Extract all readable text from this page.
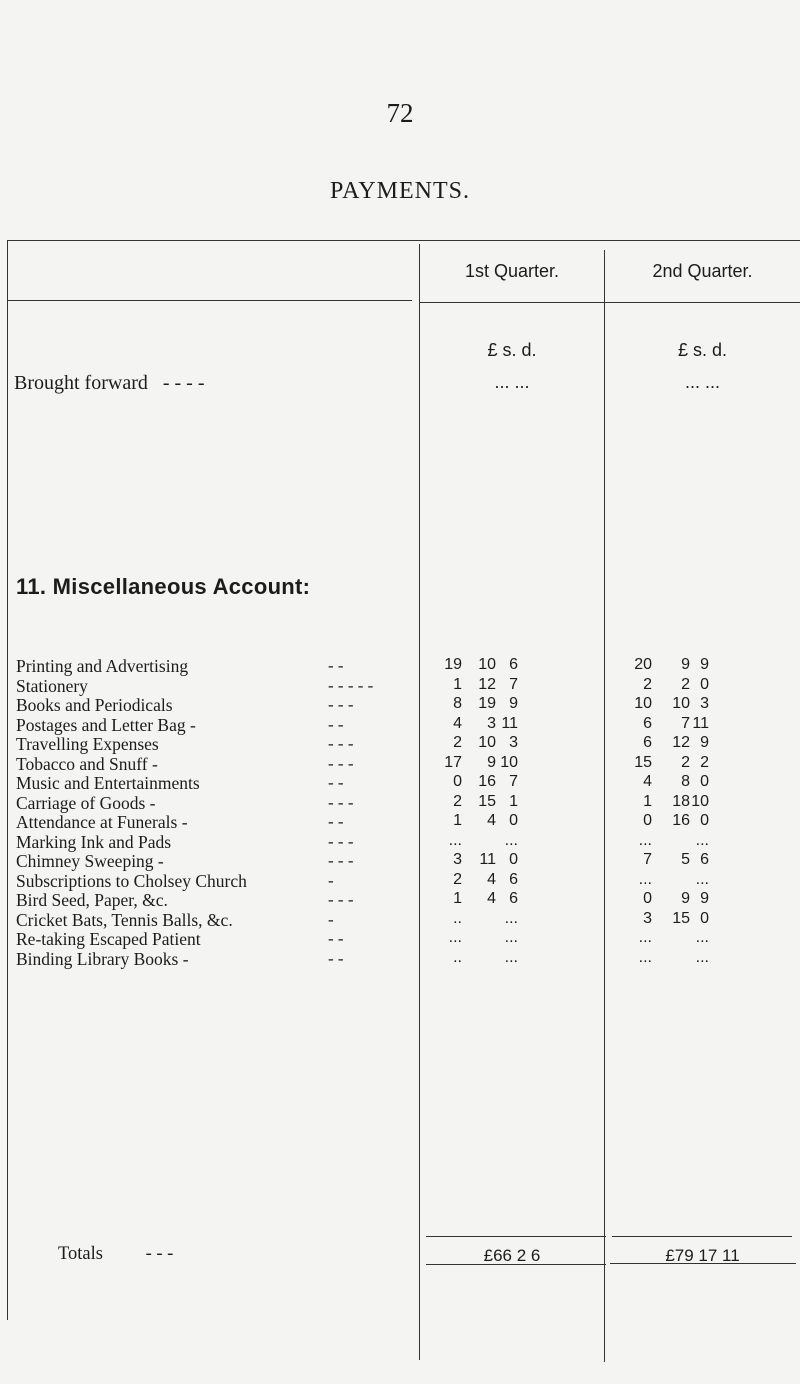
72
PAYMENTS.
1st Quarter.	2nd Quarter.
£ s. d.	£ s. d.
Brought forward - - - -	... ...	... ...
11. Miscellaneous Account:
Printing and Advertising	- -	19	10 6	20	9 9
Stationery	- - - - -	1	12 7	2	2 0
Books and Periodicals	- - -	8	19 9	10	10 3
Postages and Letter Bag -	- -	4	3 11	6	7 11
Travelling Expenses	- - -	2	10 3	6	12 9
Tobacco and Snuff -	- - -	17	9 10	15	2 2
Music and Entertainments	- -	0	16 7	4	8 0
Carriage of Goods -	- - -	2	15 1	1	18 10
Attendance at Funerals -	- -	1	4 0	0	16 0
Marking Ink and Pads	- - -	...	...	...	...
Chimney Sweeping -	- - -	3	11 0	7	5 6
Subscriptions to Cholsey Church	-	2	4 6	...	...
Bird Seed, Paper, &c.	- - -	1	4 6	0	9 9
Cricket Bats, Tennis Balls, &c.	-	..	...	3	15 0
Re-taking Escaped Patient	- -	...	...	...	...
Binding Library Books -	- -	..	...	...	...
Totals - - -	£66 2 6	£79 17 11
